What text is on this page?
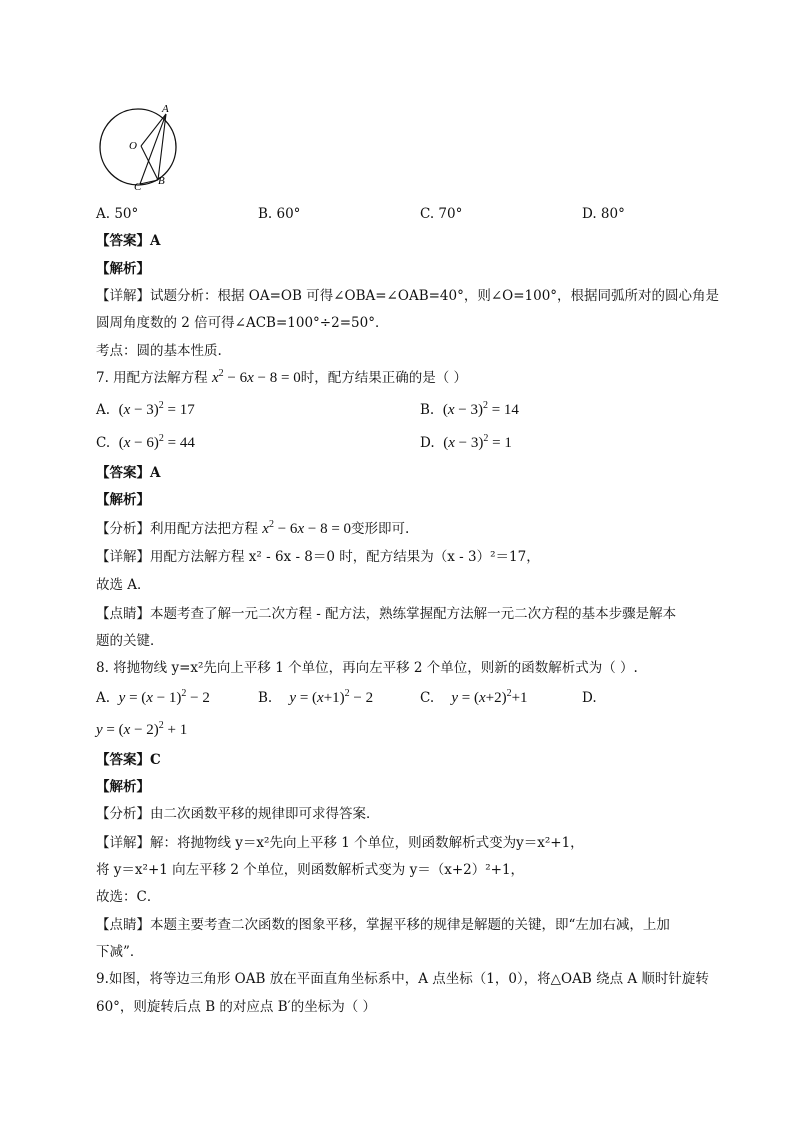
A
O
B
C
A. 50°	B. 60°	C. 70°	D. 80°
【答案】A
【解析】
【详解】试题分析：根据 OA=OB 可得∠OBA=∠OAB=40°，则∠O=100°，根据同弧所对的圆心角是
圆周角度数的 2 倍可得∠ACB=100°÷2=50°．
考点：圆的基本性质.
7. 用配方法解方程 $x^2 - 6x - 8 = 0$时，配方结果正确的是（ ）
A. $(x - 3)^2 = 17$	B. $(x - 3)^2 = 14$
C. $(x - 6)^2 = 44$	D. $(x - 3)^2 = 1$
【答案】A
【解析】
【分析】利用配方法把方程 $x^2 - 6x - 8 = 0$变形即可.
【详解】用配方法解方程 x² - 6x - 8＝0 时，配方结果为（x - 3）²＝17，
故选 A．
【点睛】本题考查了解一元二次方程 - 配方法，熟练掌握配方法解一元二次方程的基本步骤是解本
题的关键．
8. 将抛物线 y=x²先向上平移 1 个单位，再向左平移 2 个单位，则新的函数解析式为（ ）.
A. $y = (x - 1)^2 - 2$	B. $y = (x+1)^2 - 2$	C. $y = (x+2)^2+1$	D.
$y = (x - 2)^2 + 1$
【答案】C
【解析】
【分析】由二次函数平移的规律即可求得答案．
【详解】解：将抛物线 y＝x²先向上平移 1 个单位，则函数解析式变为y＝x²+1，
将 y＝x²+1 向左平移 2 个单位，则函数解析式变为 y＝（x+2）²+1，
故选：C．
【点睛】本题主要考查二次函数的图象平移，掌握平移的规律是解题的关键，即“左加右减，上加
下减”．
9.如图，将等边三角形 OAB 放在平面直角坐标系中，A 点坐标（1，0），将△OAB 绕点 A 顺时针旋转
60°，则旋转后点 B 的对应点 B′的坐标为（ ）
